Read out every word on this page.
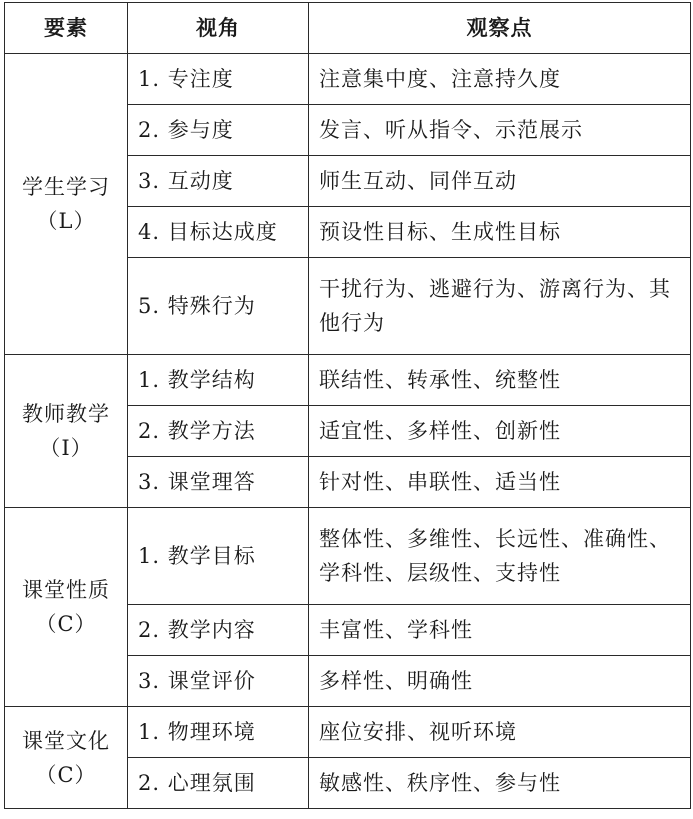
要素	视角	观察点
学生学习
（L）	1. 专注度	注意集中度、注意持久度
	2. 参与度	发言、听从指令、示范展示
	3. 互动度	师生互动、同伴互动
	4. 目标达成度	预设性目标、生成性目标
	5. 特殊行为	干扰行为、逃避行为、游离行为、其他行为
教师教学
（I）	1. 教学结构	联结性、转承性、统整性
	2. 教学方法	适宜性、多样性、创新性
	3. 课堂理答	针对性、串联性、适当性
课堂性质
（C）	1. 教学目标	整体性、多维性、长远性、准确性、学科性、层级性、支持性
	2. 教学内容	丰富性、学科性
	3. 课堂评价	多样性、明确性
课堂文化
（C）	1. 物理环境	座位安排、视听环境
	2. 心理氛围	敏感性、秩序性、参与性
